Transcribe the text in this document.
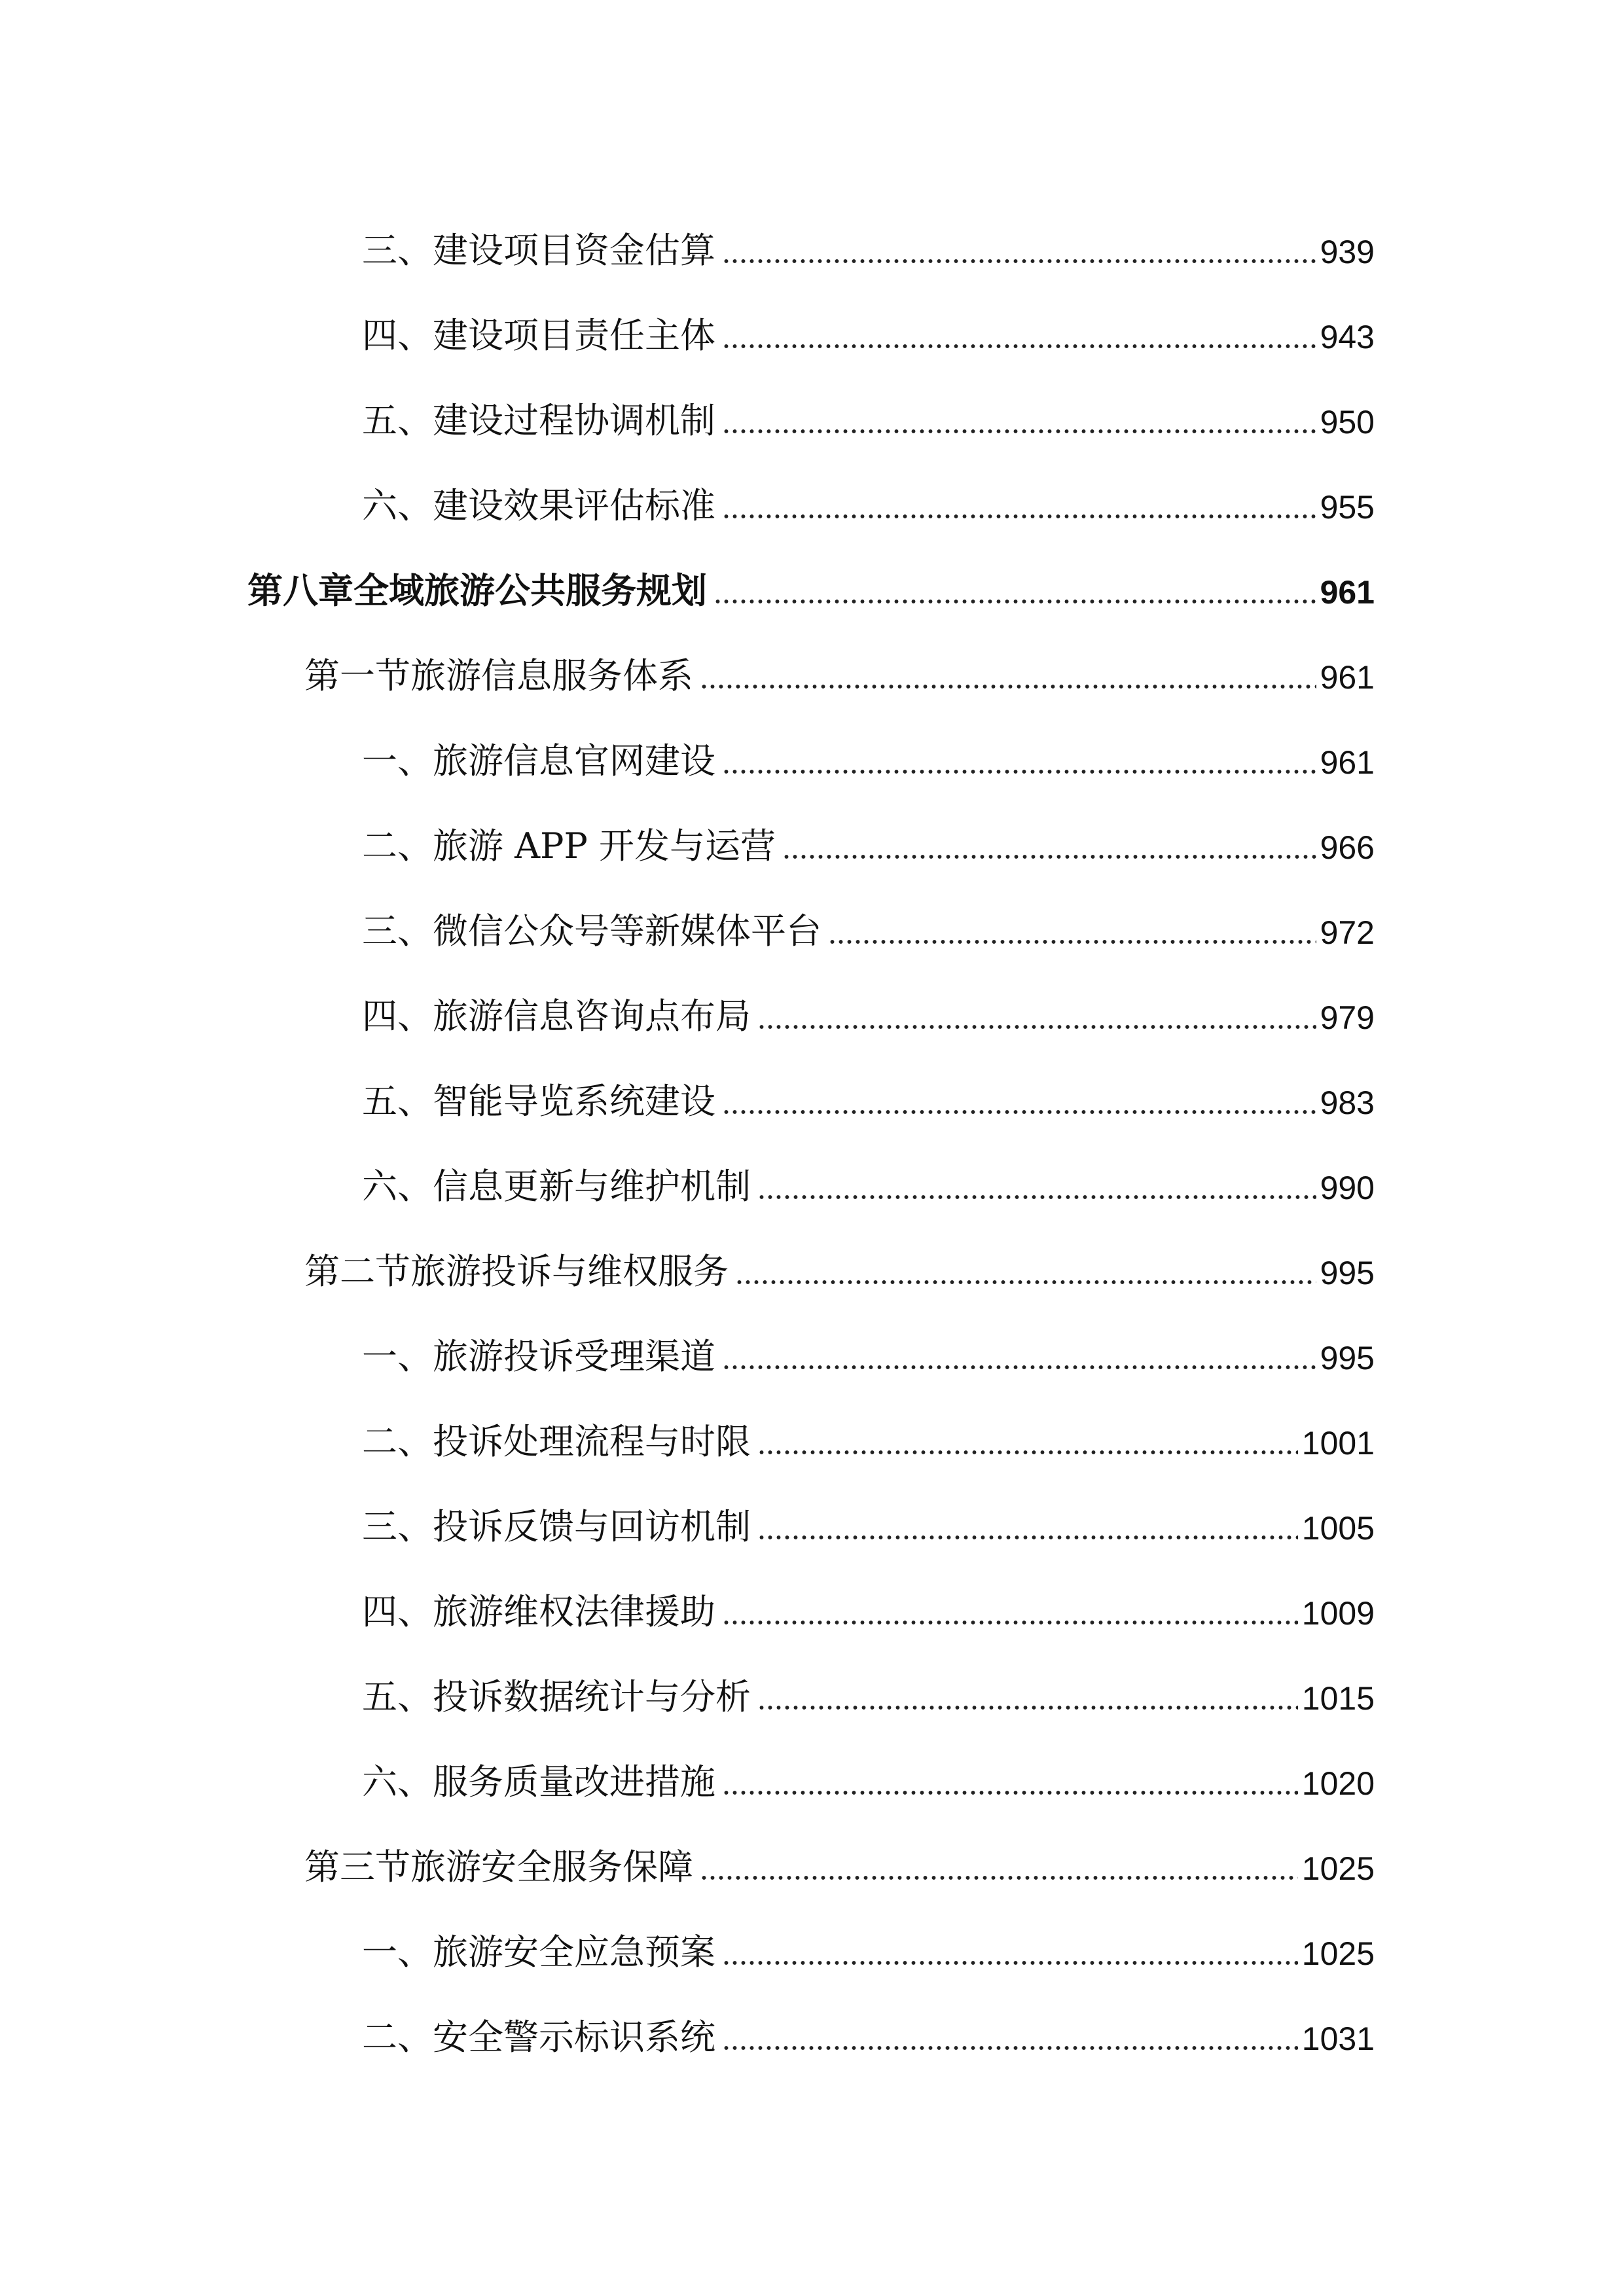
三、建设项目资金估算	939
四、建设项目责任主体	943
五、建设过程协调机制	950
六、建设效果评估标准	955
第八章全域旅游公共服务规划	961
第一节旅游信息服务体系	961
一、旅游信息官网建设	961
二、旅游 APP 开发与运营	966
三、微信公众号等新媒体平台	972
四、旅游信息咨询点布局	979
五、智能导览系统建设	983
六、信息更新与维护机制	990
第二节旅游投诉与维权服务	995
一、旅游投诉受理渠道	995
二、投诉处理流程与时限	1001
三、投诉反馈与回访机制	1005
四、旅游维权法律援助	1009
五、投诉数据统计与分析	1015
六、服务质量改进措施	1020
第三节旅游安全服务保障	1025
一、旅游安全应急预案	1025
二、安全警示标识系统	1031
